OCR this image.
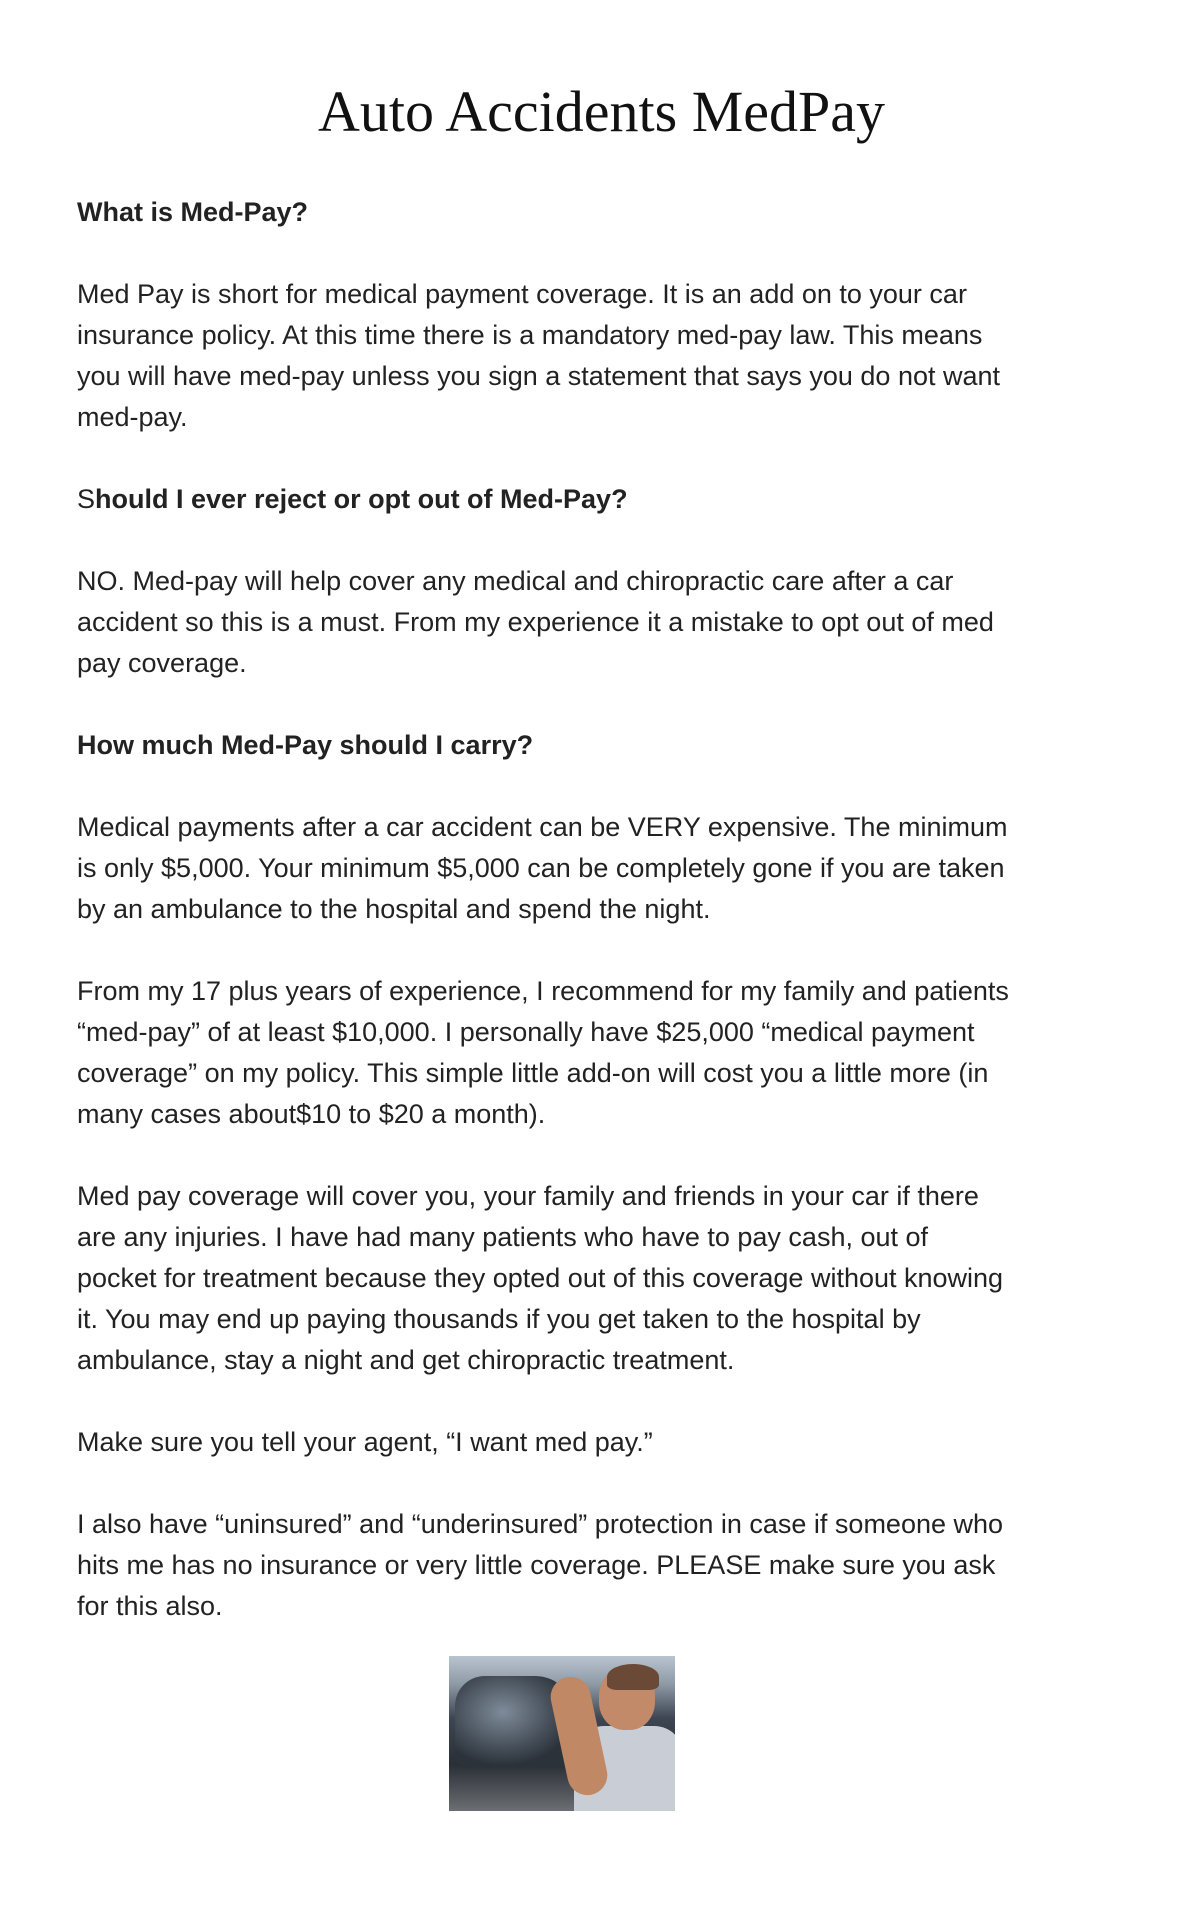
Auto Accidents MedPay
What is Med-Pay?
Med Pay is short for medical payment coverage. It is an add on to your car
insurance policy. At this time there is a mandatory med-pay law. This means
you will have med-pay unless you sign a statement that says you do not want
med-pay.
Should I ever reject or opt out of Med-Pay?
NO. Med-pay will help cover any medical and chiropractic care after a car
accident so this is a must. From my experience it a mistake to opt out of med
pay coverage.
How much Med-Pay should I carry?
Medical payments after a car accident can be VERY expensive. The minimum
is only $5,000. Your minimum $5,000 can be completely gone if you are taken
by an ambulance to the hospital and spend the night.
From my 17 plus years of experience, I recommend for my family and patients
“med-pay” of at least $10,000. I personally have $25,000 “medical payment
coverage” on my policy. This simple little add-on will cost you a little more (in
many cases about$10 to $20 a month).
Med pay coverage will cover you, your family and friends in your car if there
are any injuries. I have had many patients who have to pay cash, out of
pocket for treatment because they opted out of this coverage without knowing
it. You may end up paying thousands if you get taken to the hospital by
ambulance, stay a night and get chiropractic treatment.
Make sure you tell your agent, “I want med pay.”
I also have “uninsured” and “underinsured” protection in case if someone who
hits me has no insurance or very little coverage. PLEASE make sure you ask
for this also.
